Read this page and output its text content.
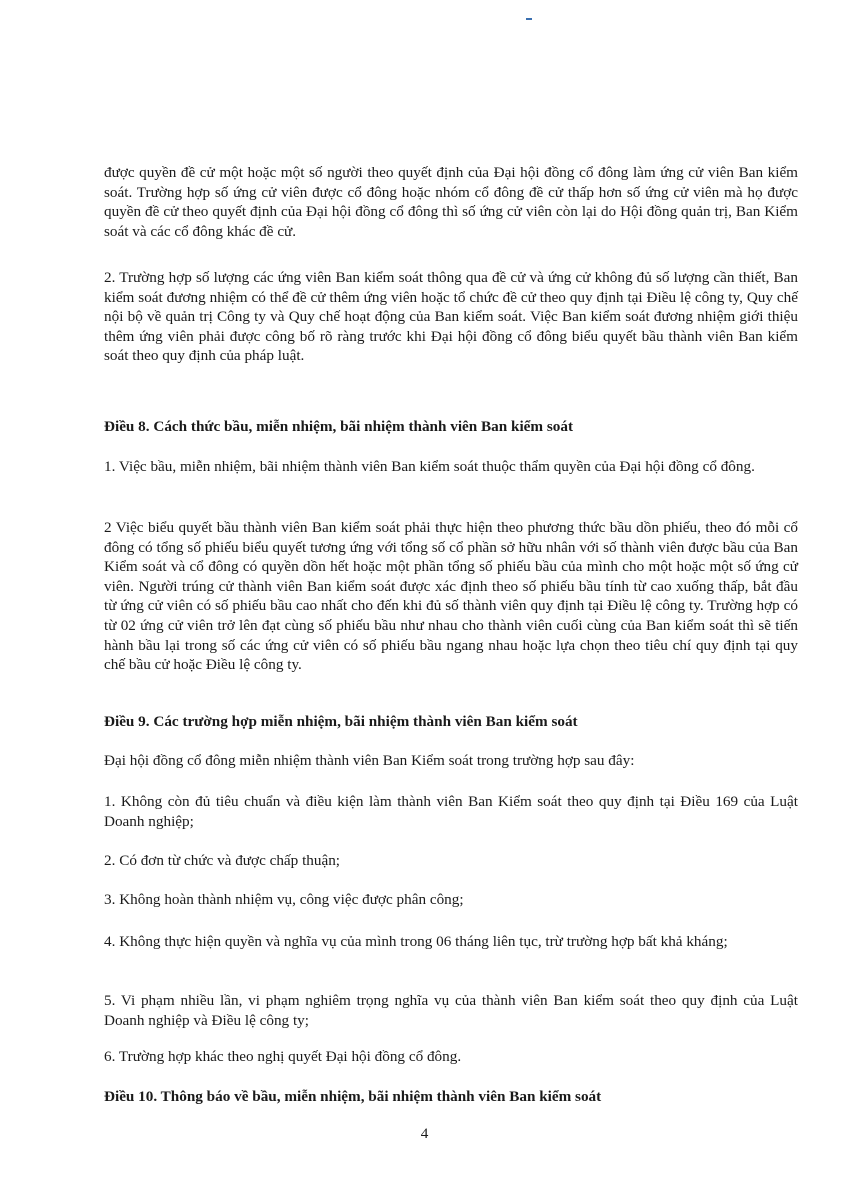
được quyền đề cử một hoặc một số người theo quyết định của Đại hội đồng cổ đông làm ứng cử viên Ban kiểm soát. Trường hợp số ứng cử viên được cổ đông hoặc nhóm cổ đông đề cử thấp hơn số ứng cử viên mà họ được quyền đề cử theo quyết định của Đại hội đồng cổ đông thì số ứng cử viên còn lại do Hội đồng quản trị, Ban Kiểm soát và các cổ đông khác đề cử.

2. Trường hợp số lượng các ứng viên Ban kiểm soát thông qua đề cử và ứng cử không đủ số lượng cần thiết, Ban kiểm soát đương nhiệm có thể đề cử thêm ứng viên hoặc tổ chức đề cử theo quy định tại Điều lệ công ty, Quy chế nội bộ về quản trị Công ty và Quy chế hoạt động của Ban kiểm soát. Việc Ban kiểm soát đương nhiệm giới thiệu thêm ứng viên phải được công bố rõ ràng trước khi Đại hội đồng cổ đông biểu quyết bầu thành viên Ban kiểm soát theo quy định của pháp luật.

Điều 8. Cách thức bầu, miễn nhiệm, bãi nhiệm thành viên Ban kiểm soát

1. Việc bầu, miễn nhiệm, bãi nhiệm thành viên Ban kiểm soát thuộc thẩm quyền của Đại hội đồng cổ đông.

2 Việc biểu quyết bầu thành viên Ban kiểm soát phải thực hiện theo phương thức bầu dồn phiếu, theo đó mỗi cổ đông có tổng số phiếu biểu quyết tương ứng với tổng số cổ phần sở hữu nhân với số thành viên được bầu của Ban Kiểm soát và cổ đông có quyền dồn hết hoặc một phần tổng số phiếu bầu của mình cho một hoặc một số ứng cử viên. Người trúng cử thành viên Ban kiểm soát được xác định theo số phiếu bầu tính từ cao xuống thấp, bắt đầu từ ứng cử viên có số phiếu bầu cao nhất cho đến khi đủ số thành viên quy định tại Điều lệ công ty. Trường hợp có từ 02 ứng cử viên trở lên đạt cùng số phiếu bầu như nhau cho thành viên cuối cùng của Ban kiểm soát thì sẽ tiến hành bầu lại trong số các ứng cử viên có số phiếu bầu ngang nhau hoặc lựa chọn theo tiêu chí quy định tại quy chế bầu cử hoặc Điều lệ công ty.

Điều 9. Các trường hợp miễn nhiệm, bãi nhiệm thành viên Ban kiểm soát

Đại hội đồng cổ đông miễn nhiệm thành viên Ban Kiểm soát trong trường hợp sau đây:

1. Không còn đủ tiêu chuẩn và điều kiện làm thành viên Ban Kiểm soát theo quy định tại Điều 169 của Luật Doanh nghiệp;

2. Có đơn từ chức và được chấp thuận;

3. Không hoàn thành nhiệm vụ, công việc được phân công;

4. Không thực hiện quyền và nghĩa vụ của mình trong 06 tháng liên tục, trừ trường hợp bất khả kháng;

5. Vi phạm nhiều lần, vi phạm nghiêm trọng nghĩa vụ của thành viên Ban kiểm soát theo quy định của Luật Doanh nghiệp và Điều lệ công ty;

6. Trường hợp khác theo nghị quyết Đại hội đồng cổ đông.

Điều 10. Thông báo về bầu, miễn nhiệm, bãi nhiệm thành viên Ban kiểm soát

4
